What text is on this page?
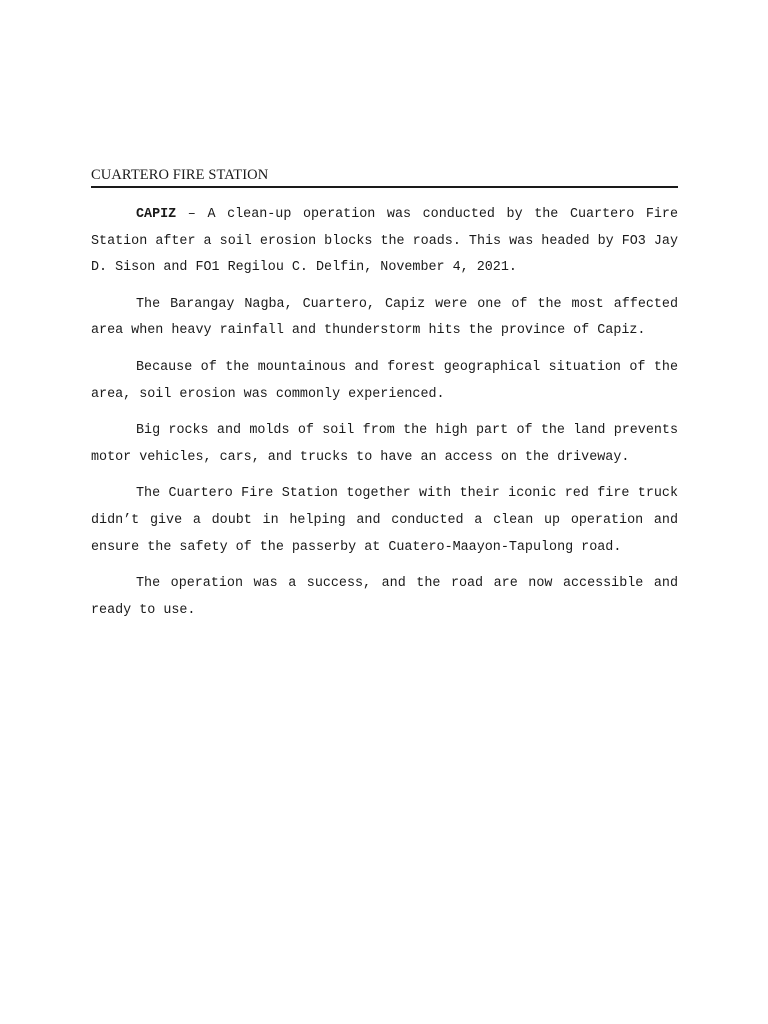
CUARTERO FIRE STATION

CAPIZ – A clean-up operation was conducted by the Cuartero Fire Station after a soil erosion blocks the roads. This was headed by FO3 Jay D. Sison and FO1 Regilou C. Delfin, November 4, 2021.

The Barangay Nagba, Cuartero, Capiz were one of the most affected area when heavy rainfall and thunderstorm hits the province of Capiz.

Because of the mountainous and forest geographical situation of the area, soil erosion was commonly experienced.

Big rocks and molds of soil from the high part of the land prevents motor vehicles, cars, and trucks to have an access on the driveway.

The Cuartero Fire Station together with their iconic red fire truck didn’t give a doubt in helping and conducted a clean up operation and ensure the safety of the passerby at Cuatero-Maayon-Tapulong road.

The operation was a success, and the road are now accessible and ready to use.
